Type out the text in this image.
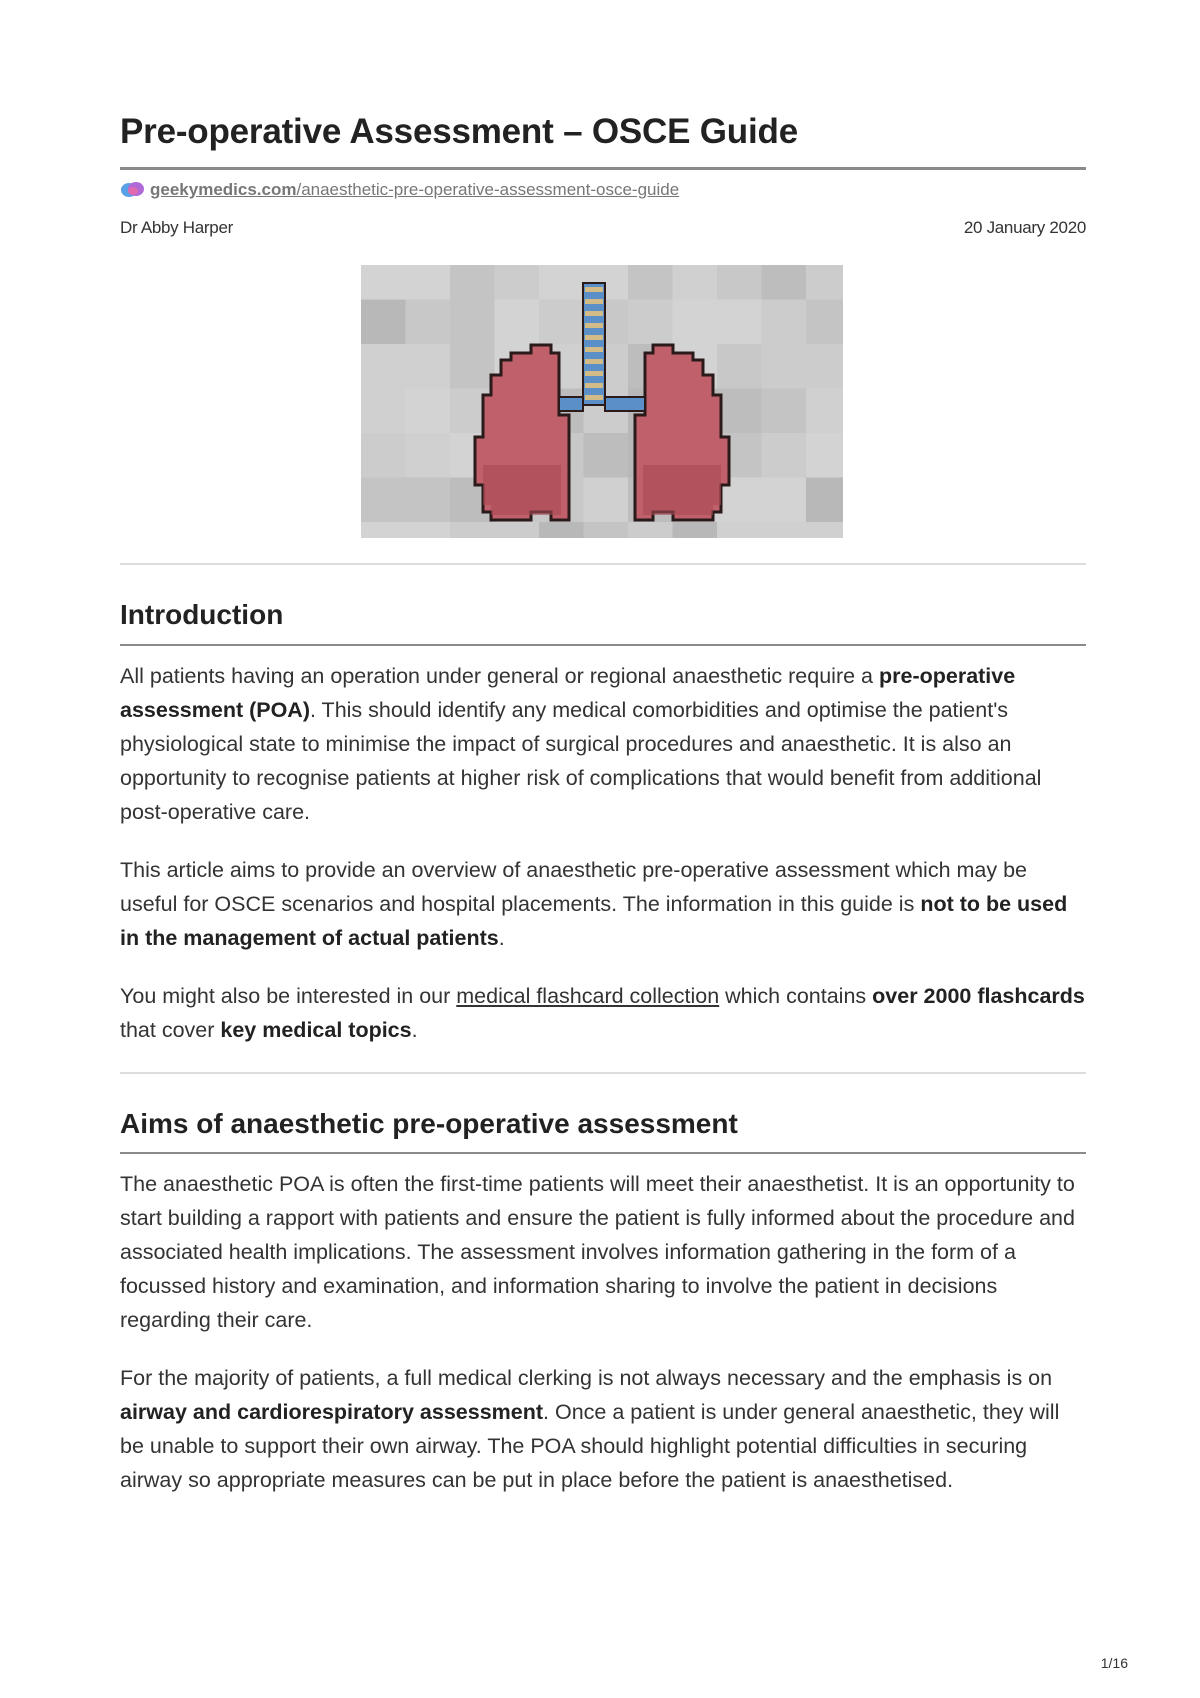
Pre-operative Assessment – OSCE Guide
geekymedics.com/anaesthetic-pre-operative-assessment-osce-guide
Dr Abby Harper	20 January 2020
Introduction

All patients having an operation under general or regional anaesthetic require a pre-operative assessment (POA). This should identify any medical comorbidities and optimise the patient's physiological state to minimise the impact of surgical procedures and anaesthetic. It is also an opportunity to recognise patients at higher risk of complications that would benefit from additional post-operative care.

This article aims to provide an overview of anaesthetic pre-operative assessment which may be useful for OSCE scenarios and hospital placements. The information in this guide is not to be used in the management of actual patients.

You might also be interested in our medical flashcard collection which contains over 2000 flashcards that cover key medical topics.

Aims of anaesthetic pre-operative assessment

The anaesthetic POA is often the first-time patients will meet their anaesthetist. It is an opportunity to start building a rapport with patients and ensure the patient is fully informed about the procedure and associated health implications. The assessment involves information gathering in the form of a focussed history and examination, and information sharing to involve the patient in decisions regarding their care.

For the majority of patients, a full medical clerking is not always necessary and the emphasis is on airway and cardiorespiratory assessment. Once a patient is under general anaesthetic, they will be unable to support their own airway. The POA should highlight potential difficulties in securing airway so appropriate measures can be put in place before the patient is anaesthetised.

1/16
